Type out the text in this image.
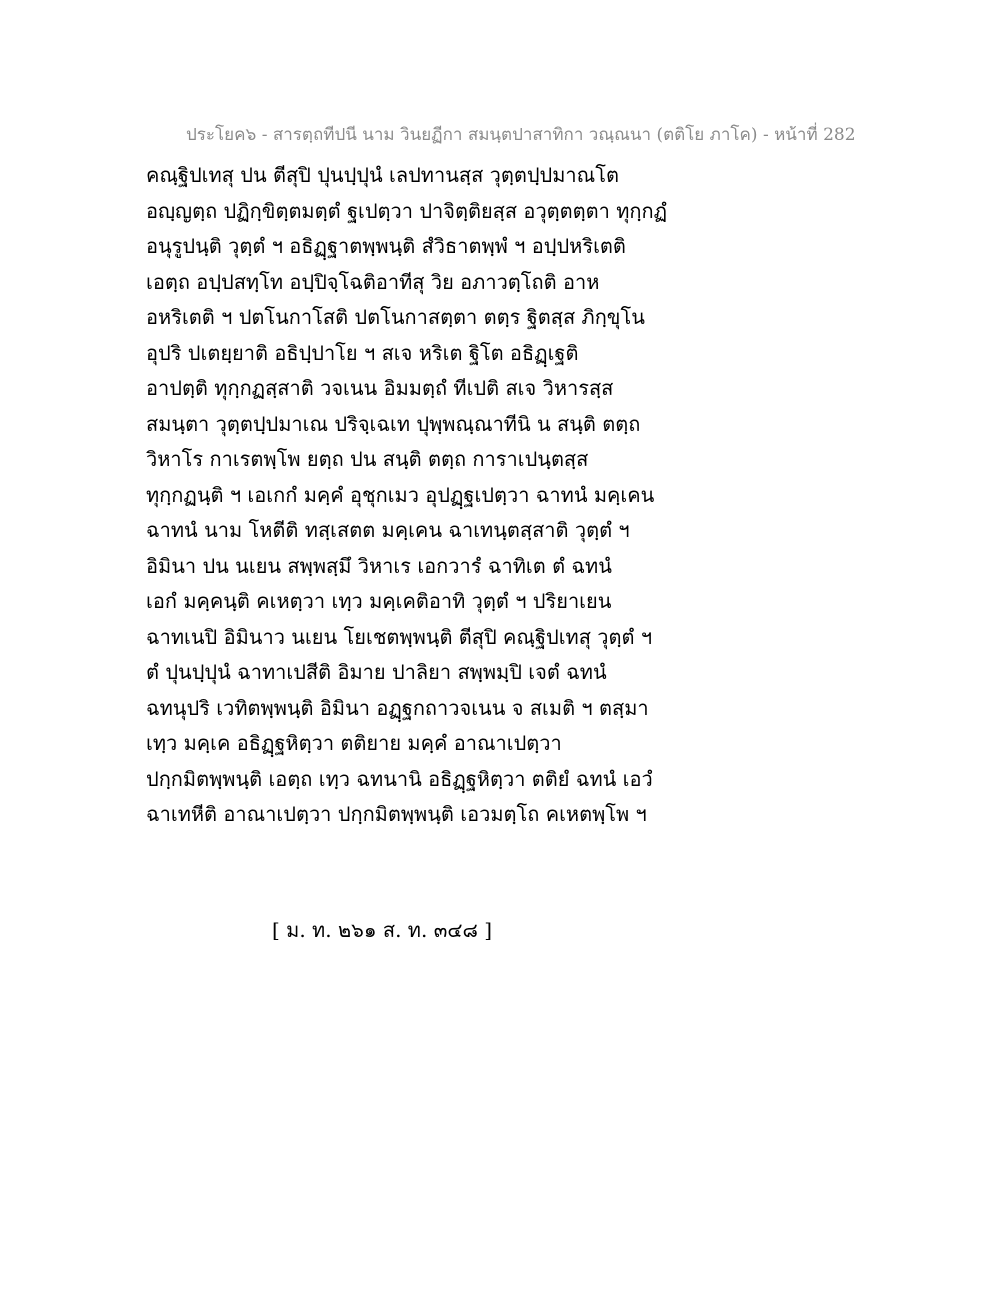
ประโยค๖ - สารตฺถทีปนี นาม วินยฏีกา สมนฺตปาสาทิกา วณฺณนา (ตติโย ภาโค) - หน้าที่ 282
คณฺฐิปเทสุ ปน ตีสุปิ ปุนปฺปุนํ เลปทานสฺส วุตฺตปฺปมาณโต
อญฺญตฺถ ปฏิกฺขิตฺตมตฺตํ ฐเปตฺวา ปาจิตฺติยสฺส อวุตฺตตฺตา ทุกฺกฏํ
อนุรูปนฺติ วุตฺตํ ฯ อธิฏฺฐาตพฺพนฺติ สํวิธาตพฺพํ ฯ อปฺปหริเตติ
เอตฺถ อปฺปสทฺโท อปฺปิจฺโฉติอาทีสุ วิย อภาวตฺโถติ อาห
อหริเตติ ฯ ปตโนกาโสติ ปตโนกาสตฺตา ตตฺร ฐิตสฺส ภิกฺขุโน
อุปริ ปเตยฺยาติ อธิปฺปาโย ฯ สเจ หริเต ฐิโต อธิฏฺเฐติ
อาปตฺติ ทุกฺกฏสฺสาติ วจเนน อิมมตฺถํ ทีเปติ สเจ วิหารสฺส
สมนฺตา วุตฺตปฺปมาเณ ปริจฺเฉเท ปุพฺพณฺณาทีนิ น สนฺติ ตตฺถ
วิหาโร กาเรตพฺโพ ยตฺถ ปน สนฺติ ตตฺถ การาเปนฺตสฺส
ทุกฺกฏนฺติ ฯ เอเกกํ มคฺคํ อุชุกเมว อุปฏฺฐเปตฺวา ฉาทนํ มคฺเคน
ฉาทนํ นาม โหตีติ ทสฺเสตต มคฺเคน ฉาเทนฺตสฺสาติ วุตฺตํ ฯ
อิมินา ปน นเยน สพฺพสฺมึ วิหาเร เอกวารํ ฉาทิเต ตํ ฉทนํ
เอกํ มคฺคนฺติ คเหตฺวา เทฺว มคฺเคติอาทิ วุตฺตํ ฯ ปริยาเยน
ฉาทเนปิ อิมินาว นเยน โยเชตพฺพนฺติ ตีสุปิ คณฺฐิปเทสุ วุตฺตํ ฯ
ตํ ปุนปฺปุนํ ฉาทาเปสีติ อิมาย ปาลิยา สพฺพมฺปิ เจตํ ฉทนํ
ฉทนุปริ เวทิตพฺพนฺติ อิมินา อฏฺฐกถาวจเนน จ สเมติ ฯ ตสฺมา
เทฺว มคฺเค อธิฏฺฐหิตฺวา ตติยาย มคฺคํ อาณาเปตฺวา
ปกฺกมิตพฺพนฺติ เอตฺถ เทฺว ฉทนานิ อธิฏฺฐหิตฺวา ตติยํ ฉทนํ เอวํ
ฉาเทหีติ อาณาเปตฺวา ปกฺกมิตพฺพนฺติ เอวมตฺโถ คเหตพฺโพ ฯ
[ ม. ท. ๒๖๑ ส. ท. ๓๔๘ ]
